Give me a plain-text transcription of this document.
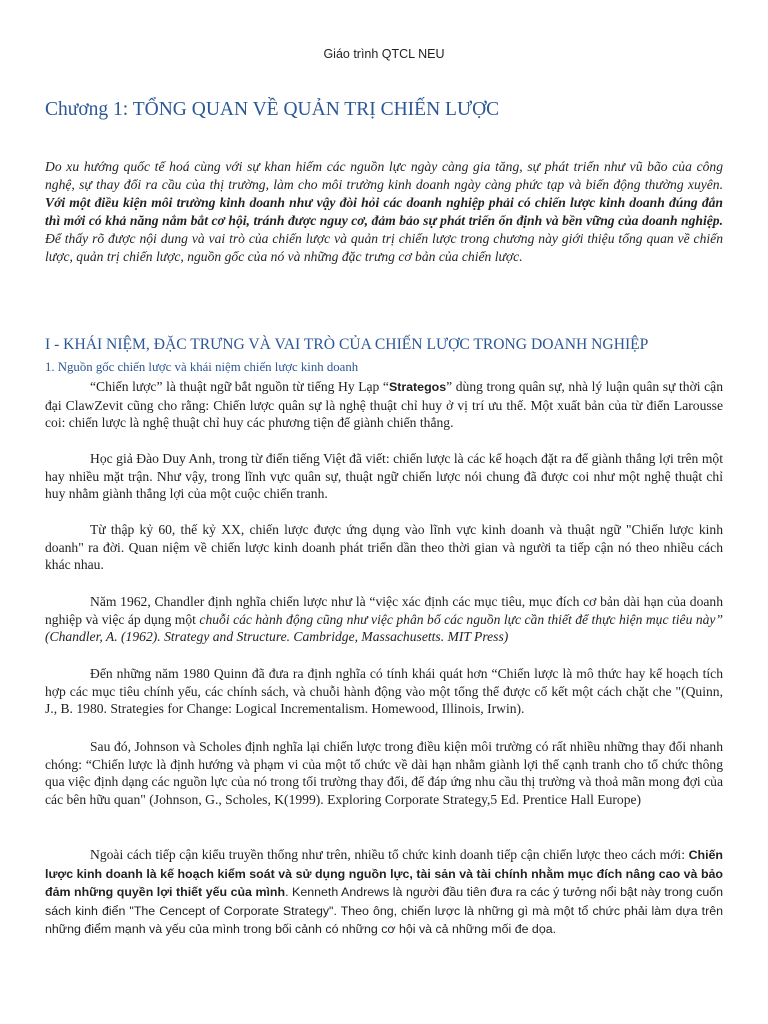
Giáo trình QTCL NEU
Chương 1: TỔNG QUAN VỀ QUẢN TRỊ CHIẾN LƯỢC

Do xu hướng quốc tế hoá cùng với sự khan hiếm các nguồn lực ngày càng gia tăng, sự phát triển như vũ bão của công nghệ, sự thay đổi ra cầu của thị trường, làm cho môi trường kinh doanh ngày càng phức tạp và biến động thường xuyên. Với một điều kiện môi trường kinh doanh như vậy đòi hỏi các doanh nghiệp phải có chiến lược kinh doanh đúng đắn thì mới có khả năng nắm bắt cơ hội, tránh được nguy cơ, đảm bảo sự phát triển ổn định và bền vững của doanh nghiệp. Để thấy rõ được nội dung và vai trò của chiến lược và quản trị chiến lược trong chương này giới thiệu tổng quan về chiến lược, quản trị chiến lược, nguồn gốc của nó và những đặc trưng cơ bản của chiến lược.

I - KHÁI NIỆM, ĐẶC TRƯNG VÀ VAI TRÒ CỦA CHIẾN LƯỢC TRONG DOANH NGHIỆP
1. Nguồn gốc chiến lược và khái niệm chiến lược kinh doanh

“Chiến lược” là thuật ngữ bắt nguồn từ tiếng Hy Lạp “Strategos” dùng trong quân sự, nhà lý luận quân sự thời cận đại ClawZevit cũng cho rằng: Chiến lược quân sự là nghệ thuật chỉ huy ở vị trí ưu thế. Một xuất bản của từ điển Larousse coi: chiến lược là nghệ thuật chỉ huy các phương tiện để giành chiến thắng.

Học giả Đào Duy Anh, trong từ điển tiếng Việt đã viết: chiến lược là các kế hoạch đặt ra để giành thắng lợi trên một hay nhiều mặt trận. Như vậy, trong lĩnh vực quân sự, thuật ngữ chiến lược nói chung đã được coi như một nghệ thuật chỉ huy nhằm giành thắng lợi của một cuộc chiến tranh.

Từ thập kỷ 60, thế kỷ XX, chiến lược được ứng dụng vào lĩnh vực kinh doanh và thuật ngữ "Chiến lược kinh doanh" ra đời. Quan niệm về chiến lược kinh doanh phát triển dần theo thời gian và người ta tiếp cận nó theo nhiều cách khác nhau.

Năm 1962, Chandler định nghĩa chiến lược như là “việc xác định các mục tiêu, mục đích cơ bản dài hạn của doanh nghiệp và việc áp dụng một chuỗi các hành động cũng như việc phân bổ các nguồn lực cần thiết để thực hiện mục tiêu này” (Chandler, A. (1962). Strategy and Structure. Cambridge, Massachusetts. MIT Press)

Đến những năm 1980 Quinn đã đưa ra định nghĩa có tính khái quát hơn “Chiến lược là mô thức hay kế hoạch tích hợp các mục tiêu chính yếu, các chính sách, và chuỗi hành động vào một tổng thể được cố kết một cách chặt che "(Quinn, J., B. 1980. Strategies for Change: Logical Incrementalism. Homewood, Illinois, Irwin).

Sau đó, Johnson và Scholes định nghĩa lại chiến lược trong điều kiện môi trường có rất nhiều những thay đổi nhanh chóng: “Chiến lược là định hướng và phạm vi của một tổ chức về dài hạn nhằm giành lợi thế cạnh tranh cho tổ chức thông qua việc định dạng các nguồn lực của nó trong tối trường thay đổi, để đáp ứng nhu cầu thị trường và thoả mãn mong đợi của các bên hữu quan" (Johnson, G., Scholes, K(1999). Exploring Corporate Strategy,5 Ed. Prentice Hall Europe)

Ngoài cách tiếp cận kiểu truyền thống như trên, nhiều tổ chức kinh doanh tiếp cận chiến lược theo cách mới: Chiến lược kinh doanh là kế hoạch kiểm soát và sử dụng nguồn lực, tài sản và tài chính nhằm mục đích nâng cao và bảo đảm những quyền lợi thiết yếu của mình. Kenneth Andrews là người đầu tiên đưa ra các ý tưởng nổi bật này trong cuốn sách kinh điển "The Cencept of Corporate Strategy". Theo ông, chiến lược là những gì mà một tổ chức phải làm dựa trên những điểm mạnh và yếu của mình trong bối cảnh có những cơ hội và cả những mối đe dọa.
